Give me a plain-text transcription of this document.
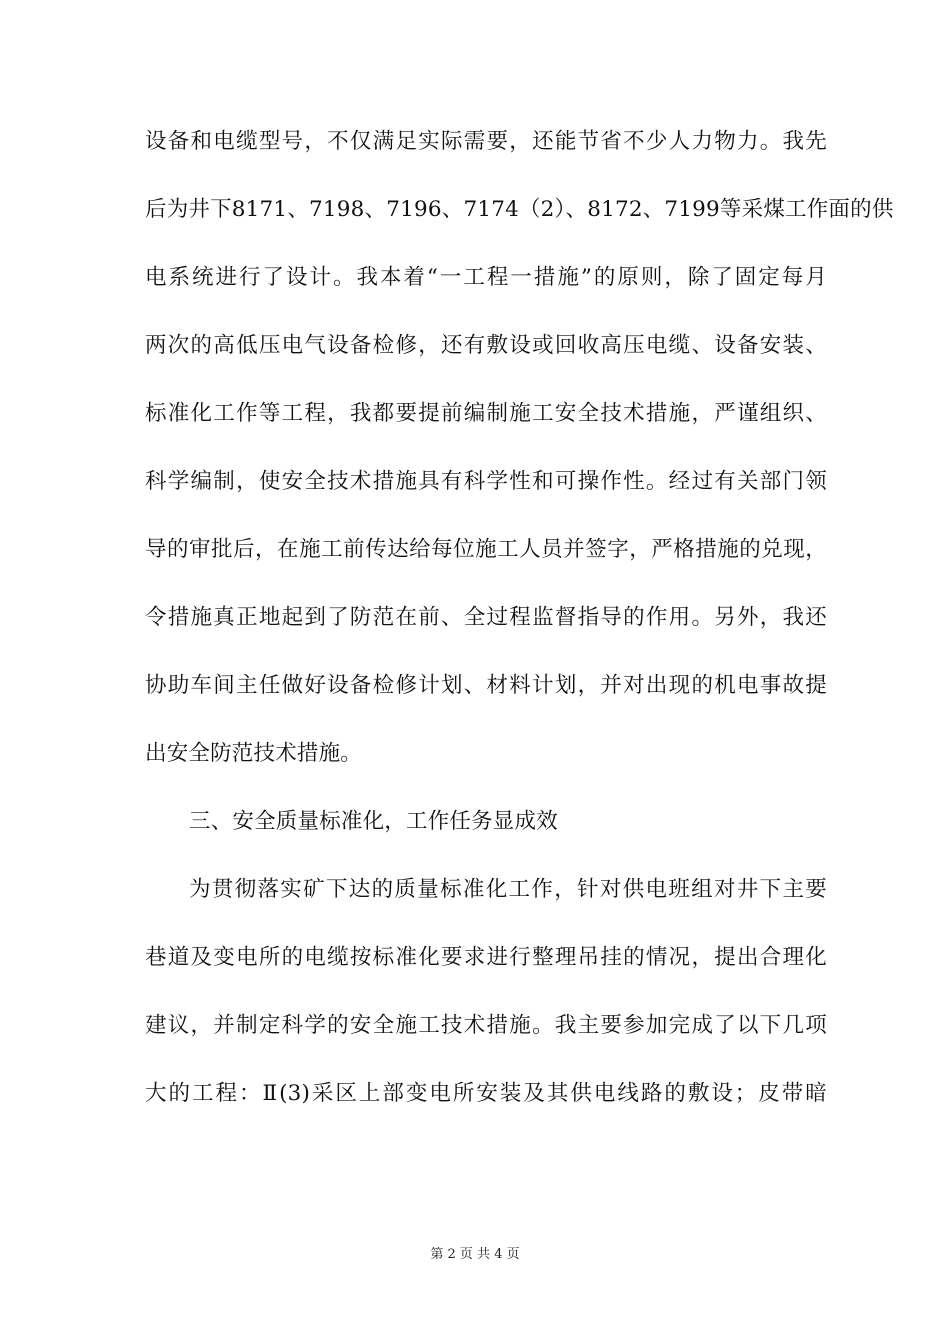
设备和电缆型号，不仅满足实际需要，还能节省不少人力物力。我先
后为井下8171、7198、7196、7174（2）、8172、7199等采煤工作面的供
电系统进行了设计。我本着“一工程一措施”的原则，除了固定每月
两次的高低压电气设备检修，还有敷设或回收高压电缆、设备安装、
标准化工作等工程，我都要提前编制施工安全技术措施，严谨组织、
科学编制，使安全技术措施具有科学性和可操作性。经过有关部门领
导的审批后，在施工前传达给每位施工人员并签字，严格措施的兑现，
令措施真正地起到了防范在前、全过程监督指导的作用。另外，我还
协助车间主任做好设备检修计划、材料计划，并对出现的机电事故提
出安全防范技术措施。
三、安全质量标准化，工作任务显成效
为贯彻落实矿下达的质量标准化工作，针对供电班组对井下主要
巷道及变电所的电缆按标准化要求进行整理吊挂的情况，提出合理化
建议，并制定科学的安全施工技术措施。我主要参加完成了以下几项
大的工程：Ⅱ(3)采区上部变电所安装及其供电线路的敷设；皮带暗
第 2 页 共 4 页
